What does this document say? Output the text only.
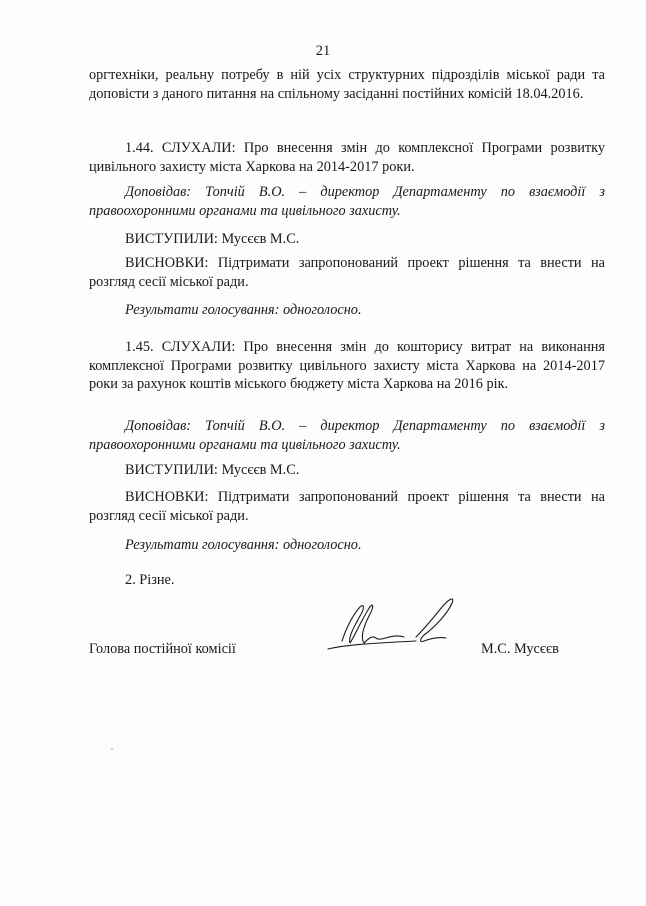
21
оргтехніки, реальну потребу в ній усіх структурних підрозділів міської ради та доповісти з даного питання на спільному засіданні постійних комісій 18.04.2016.
1.44. СЛУХАЛИ: Про внесення змін до комплексної Програми розвитку цивільного захисту міста Харкова на 2014-2017 роки.
Доповідав: Топчій В.О. – директор Департаменту по взаємодії з правоохоронними органами та цивільного захисту.
ВИСТУПИЛИ: Мусєєв М.С.
ВИСНОВКИ: Підтримати запропонований проект рішення та внести на розгляд сесії міської ради.
Результати голосування: одноголосно.
1.45. СЛУХАЛИ: Про внесення змін до кошторису витрат на виконання комплексної Програми розвитку цивільного захисту міста Харкова на 2014-2017 роки за рахунок коштів міського бюджету міста Харкова на 2016 рік.
Доповідав: Топчій В.О. – директор Департаменту по взаємодії з правоохоронними органами та цивільного захисту.
ВИСТУПИЛИ: Мусєєв М.С.
ВИСНОВКИ: Підтримати запропонований проект рішення та внести на розгляд сесії міської ради.
Результати голосування: одноголосно.
2. Різне.
Голова постійної комісії	М.С. Мусєєв
